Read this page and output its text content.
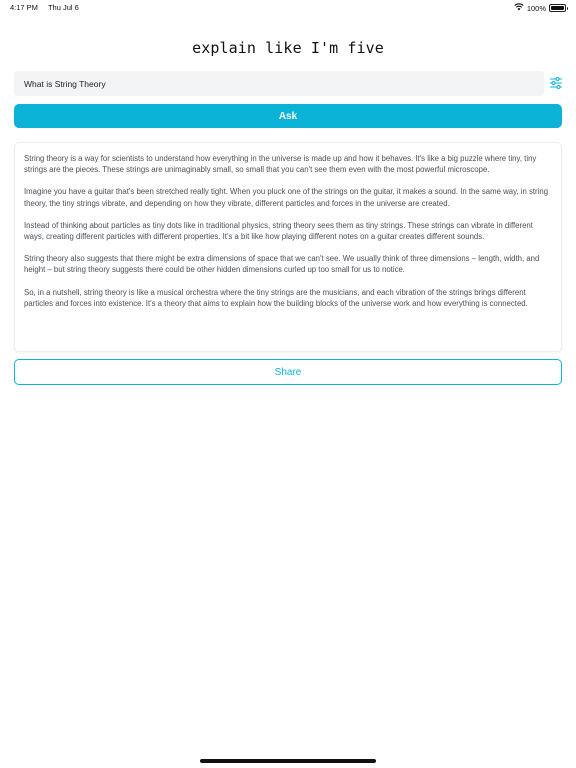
4:17 PM Thu Jul 6	100%
explain like I'm five
What is String Theory
Ask

String theory is a way for scientists to understand how everything in the universe is made up and how it behaves. It's like a big puzzle where tiny, tiny strings are the pieces. These strings are unimaginably small, so small that you can't see them even with the most powerful microscope.

Imagine you have a guitar that's been stretched really tight. When you pluck one of the strings on the guitar, it makes a sound. In the same way, in string theory, the tiny strings vibrate, and depending on how they vibrate, different particles and forces in the universe are created.

Instead of thinking about particles as tiny dots like in traditional physics, string theory sees them as tiny strings. These strings can vibrate in different ways, creating different particles with different properties. It's a bit like how playing different notes on a guitar creates different sounds.

String theory also suggests that there might be extra dimensions of space that we can't see. We usually think of three dimensions – length, width, and height – but string theory suggests there could be other hidden dimensions curled up too small for us to notice.

So, in a nutshell, string theory is like a musical orchestra where the tiny strings are the musicians, and each vibration of the strings brings different particles and forces into existence. It's a theory that aims to explain how the building blocks of the universe work and how everything is connected.

Share
